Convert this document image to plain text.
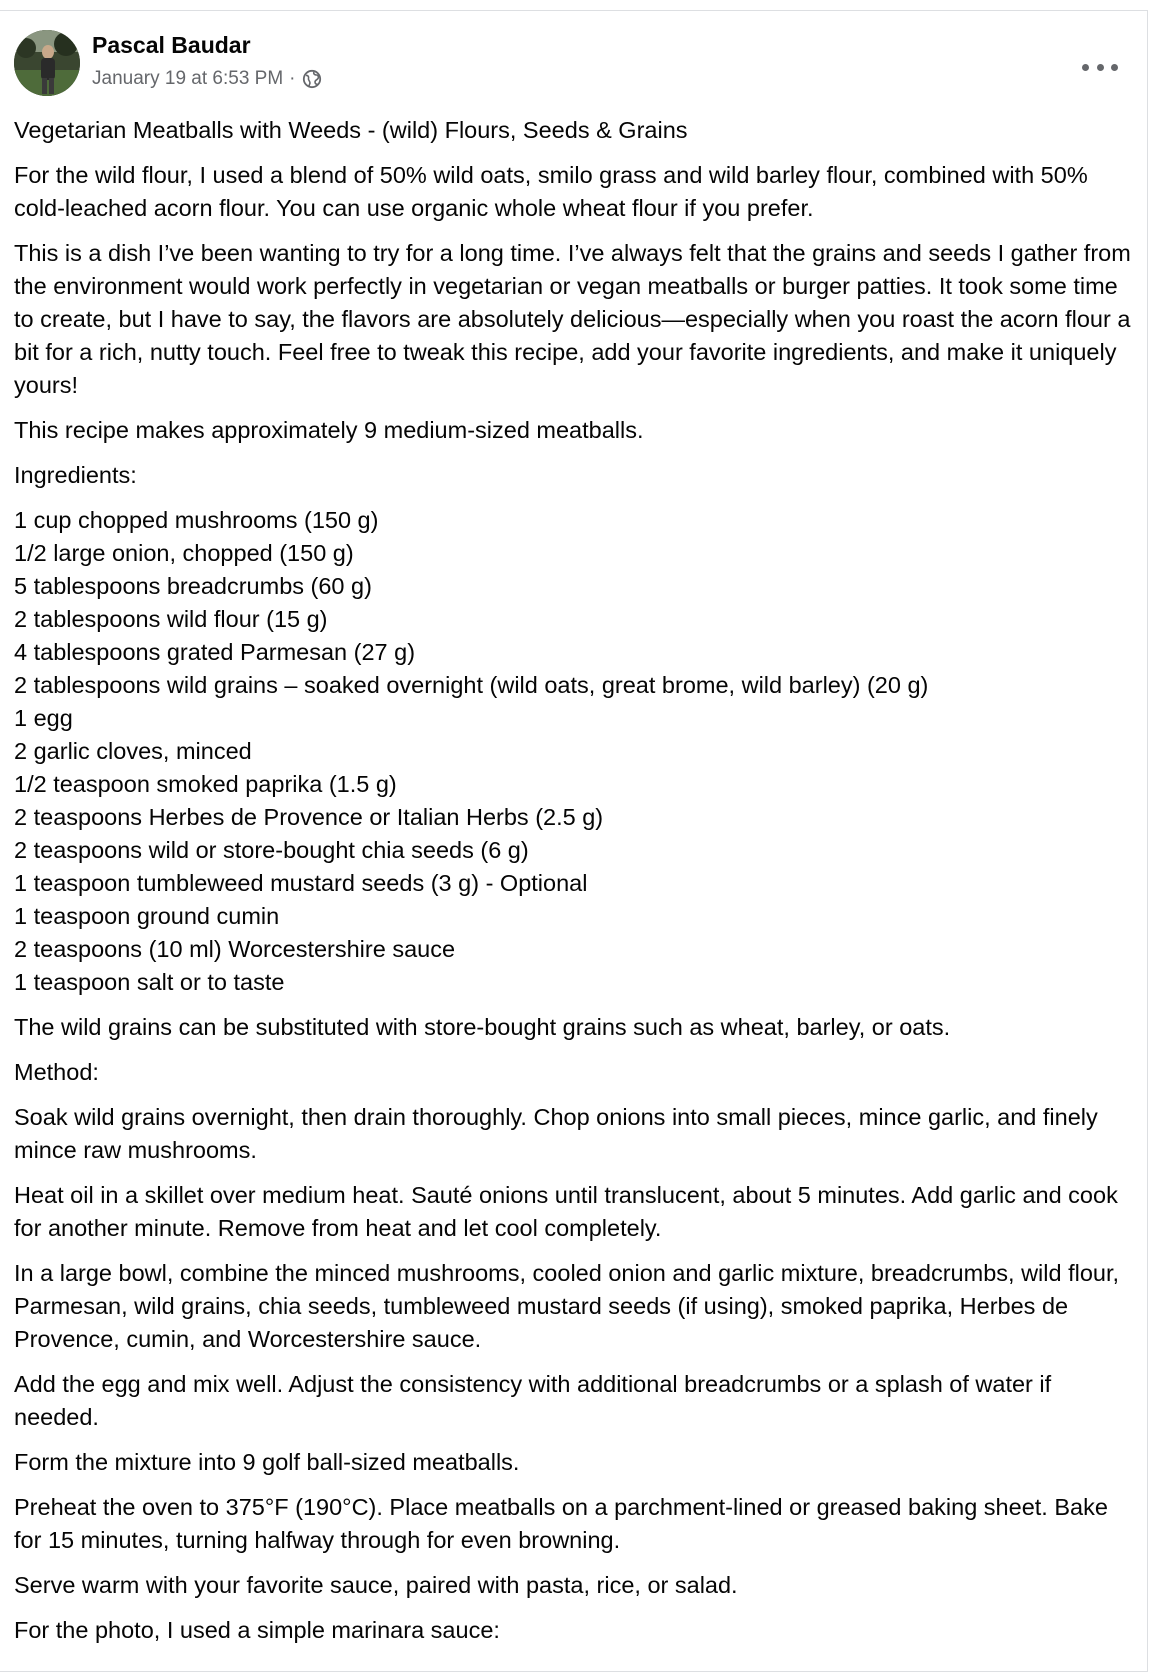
Pascal Baudar
January 19 at 6:53 PM ·

Vegetarian Meatballs with Weeds - (wild) Flours, Seeds & Grains

For the wild flour, I used a blend of 50% wild oats, smilo grass and wild barley flour, combined with 50% cold-leached acorn flour. You can use organic whole wheat flour if you prefer.

This is a dish I’ve been wanting to try for a long time. I’ve always felt that the grains and seeds I gather from the environment would work perfectly in vegetarian or vegan meatballs or burger patties. It took some time to create, but I have to say, the flavors are absolutely delicious—especially when you roast the acorn flour a bit for a rich, nutty touch. Feel free to tweak this recipe, add your favorite ingredients, and make it uniquely yours!

This recipe makes approximately 9 medium-sized meatballs.

Ingredients:

1 cup chopped mushrooms (150 g)
1/2 large onion, chopped (150 g)
5 tablespoons breadcrumbs (60 g)
2 tablespoons wild flour (15 g)
4 tablespoons grated Parmesan (27 g)
2 tablespoons wild grains – soaked overnight (wild oats, great brome, wild barley) (20 g)
1 egg
2 garlic cloves, minced
1/2 teaspoon smoked paprika (1.5 g)
2 teaspoons Herbes de Provence or Italian Herbs (2.5 g)
2 teaspoons wild or store-bought chia seeds (6 g)
1 teaspoon tumbleweed mustard seeds (3 g) - Optional
1 teaspoon ground cumin
2 teaspoons (10 ml) Worcestershire sauce
1 teaspoon salt or to taste

The wild grains can be substituted with store-bought grains such as wheat, barley, or oats.

Method:

Soak wild grains overnight, then drain thoroughly. Chop onions into small pieces, mince garlic, and finely mince raw mushrooms.

Heat oil in a skillet over medium heat. Sauté onions until translucent, about 5 minutes. Add garlic and cook for another minute. Remove from heat and let cool completely.

In a large bowl, combine the minced mushrooms, cooled onion and garlic mixture, breadcrumbs, wild flour, Parmesan, wild grains, chia seeds, tumbleweed mustard seeds (if using), smoked paprika, Herbes de Provence, cumin, and Worcestershire sauce.

Add the egg and mix well. Adjust the consistency with additional breadcrumbs or a splash of water if needed.

Form the mixture into 9 golf ball-sized meatballs.

Preheat the oven to 375°F (190°C). Place meatballs on a parchment-lined or greased baking sheet. Bake for 15 minutes, turning halfway through for even browning.

Serve warm with your favorite sauce, paired with pasta, rice, or salad.

For the photo, I used a simple marinara sauce:
